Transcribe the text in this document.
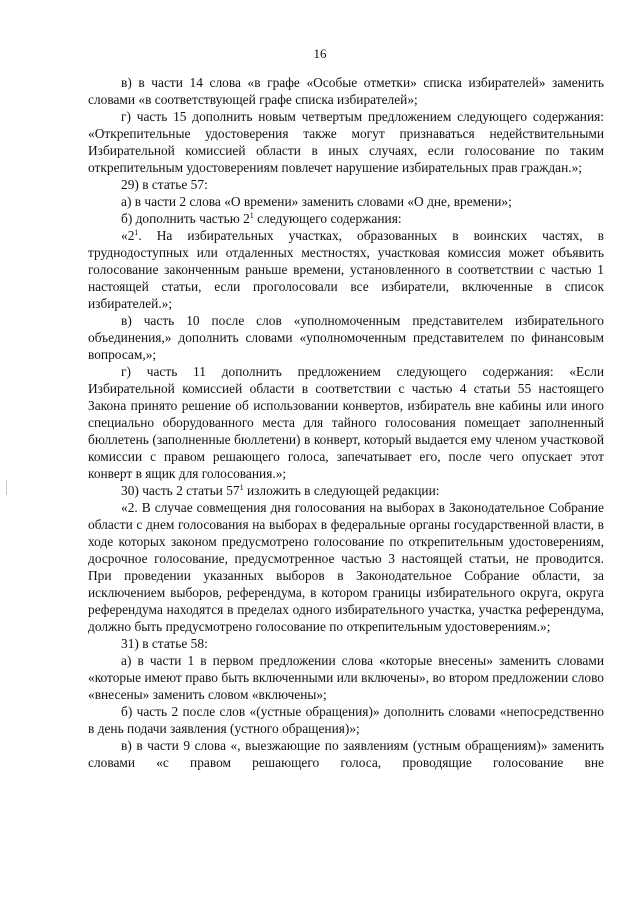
16

в) в части 14 слова «в графе «Особые отметки» списка избирателей» заменить словами «в соответствующей графе списка избирателей»;

г) часть 15 дополнить новым четвертым предложением следующего содержания: «Открепительные удостоверения также могут признаваться недействительными Избирательной комиссией области в иных случаях, если голосование по таким открепительным удостоверениям повлечет нарушение избирательных прав граждан.»;

29) в статье 57:

а) в части 2 слова «О времени» заменить словами «О дне, времени»;

б) дополнить частью $2^1$ следующего содержания:

«$2^1$. На избирательных участках, образованных в воинских частях, в труднодоступных или отдаленных местностях, участковая комиссия может объявить голосование законченным раньше времени, установленного в соответствии с частью 1 настоящей статьи, если проголосовали все избиратели, включенные в список избирателей.»;

в) часть 10 после слов «уполномоченным представителем избирательного объединения,» дополнить словами «уполномоченным представителем по финансовым вопросам,»;

г) часть 11 дополнить предложением следующего содержания: «Если Избирательной комиссией области в соответствии с частью 4 статьи 55 настоящего Закона принято решение об использовании конвертов, избиратель вне кабины или иного специально оборудованного места для тайного голосования помещает заполненный бюллетень (заполненные бюллетени) в конверт, который выдается ему членом участковой комиссии с правом решающего голоса, запечатывает его, после чего опускает этот конверт в ящик для голосования.»;

30) часть 2 статьи $57^1$ изложить в следующей редакции:

«2. В случае совмещения дня голосования на выборах в Законодательное Собрание области с днем голосования на выборах в федеральные органы государственной власти, в ходе которых законом предусмотрено голосование по открепительным удостоверениям, досрочное голосование, предусмотренное частью 3 настоящей статьи, не проводится. При проведении указанных выборов в Законодательное Собрание области, за исключением выборов, референдума, в котором границы избирательного округа, округа референдума находятся в пределах одного избирательного участка, участка референдума, должно быть предусмотрено голосование по открепительным удостоверениям.»;

31) в статье 58:

а) в части 1 в первом предложении слова «которые внесены» заменить словами «которые имеют право быть включенными или включены», во втором предложении слово «внесены» заменить словом «включены»;

б) часть 2 после слов «(устные обращения)» дополнить словами «непосредственно в день подачи заявления (устного обращения)»;

в) в части 9 слова «, выезжающие по заявлениям (устным обращениям)» заменить словами «с правом решающего голоса, проводящие голосование вне
